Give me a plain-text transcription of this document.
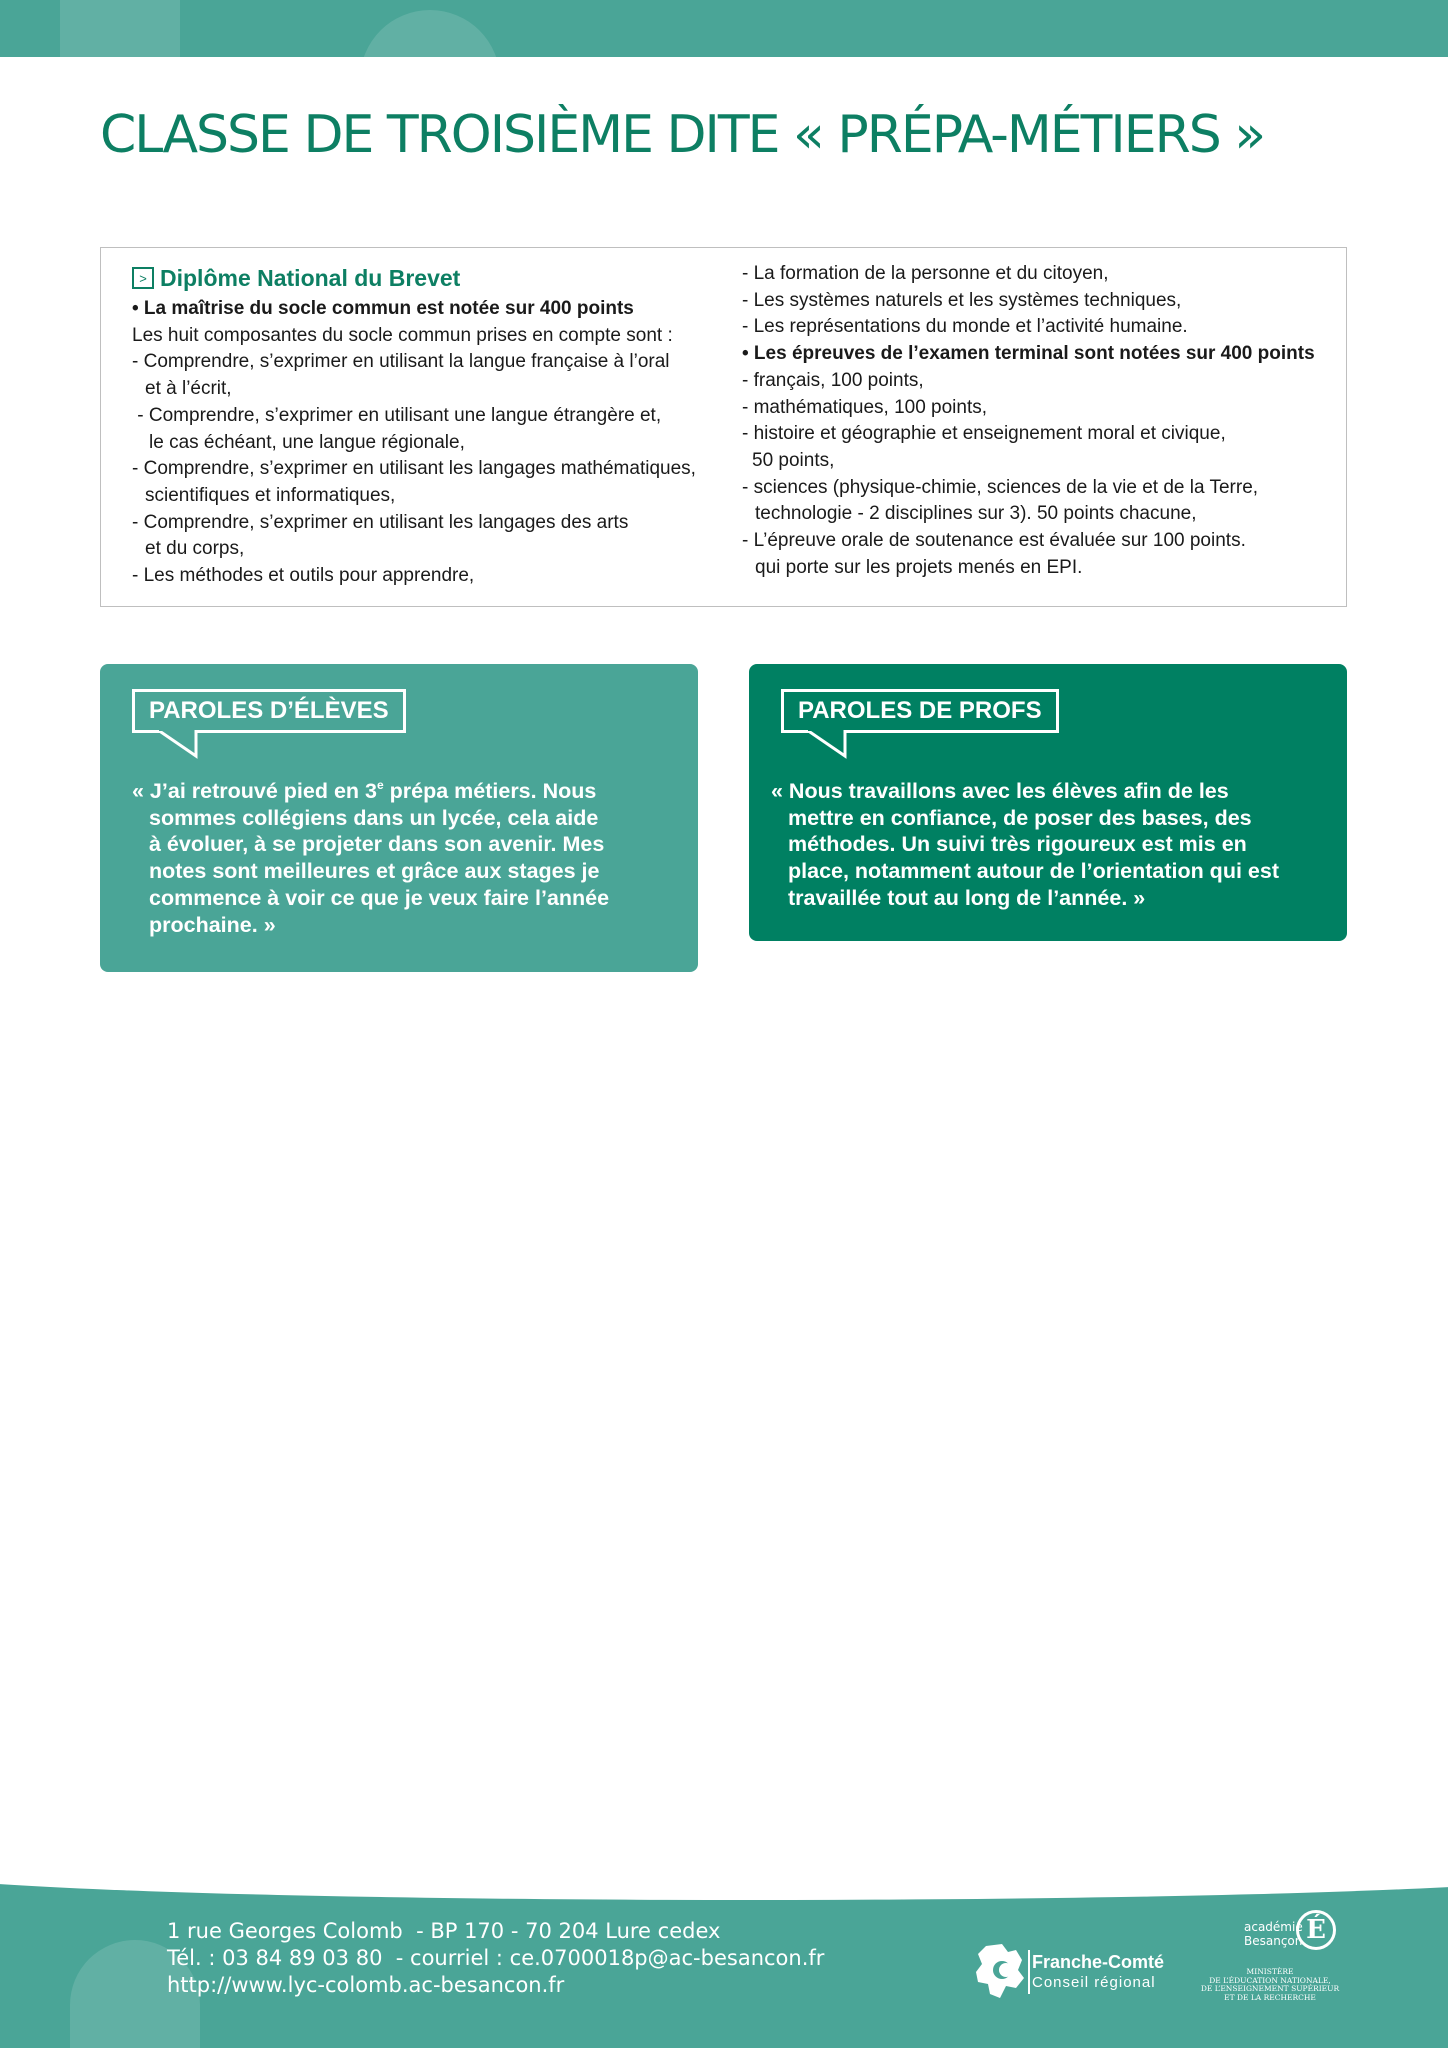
CLASSE DE TROISIÈME DITE « PRÉPA-MÉTIERS »
> Diplôme National du Brevet
• La maîtrise du socle commun est notée sur 400 points
Les huit composantes du socle commun prises en compte sont :
- Comprendre, s’exprimer en utilisant la langue française à l’oral
et à l’écrit,
- Comprendre, s’exprimer en utilisant une langue étrangère et,
le cas échéant, une langue régionale,
- Comprendre, s’exprimer en utilisant les langages mathématiques,
scientifiques et informatiques,
- Comprendre, s’exprimer en utilisant les langages des arts
et du corps,
- Les méthodes et outils pour apprendre,
- La formation de la personne et du citoyen,
- Les systèmes naturels et les systèmes techniques,
- Les représentations du monde et l’activité humaine.
• Les épreuves de l’examen terminal sont notées sur 400 points
- français, 100 points,
- mathématiques, 100 points,
- histoire et géographie et enseignement moral et civique,
50 points,
- sciences (physique-chimie, sciences de la vie et de la Terre,
technologie - 2 disciplines sur 3). 50 points chacune,
- L’épreuve orale de soutenance est évaluée sur 100 points.
qui porte sur les projets menés en EPI.
PAROLES D’ÉLÈVES
« J’ai retrouvé pied en 3e prépa métiers. Nous
sommes collégiens dans un lycée, cela aide
à évoluer, à se projeter dans son avenir. Mes
notes sont meilleures et grâce aux stages je
commence à voir ce que je veux faire l’année
prochaine. »
PAROLES DE PROFS
« Nous travaillons avec les élèves afin de les
mettre en confiance, de poser des bases, des
méthodes. Un suivi très rigoureux est mis en
place, notamment autour de l’orientation qui est
travaillée tout au long de l’année. »
1 rue Georges Colomb  - BP 170 - 70 204 Lure cedex
Tél. : 03 84 89 03 80  - courriel : ce.0700018p@ac-besancon.fr
http://www.lyc-colomb.ac-besancon.fr
Franche-Comté
Conseil régional
académie
Besançon É
MINISTÈRE
DE L’ÉDUCATION NATIONALE,
DE L’ENSEIGNEMENT SUPÉRIEUR
ET DE LA RECHERCHE
